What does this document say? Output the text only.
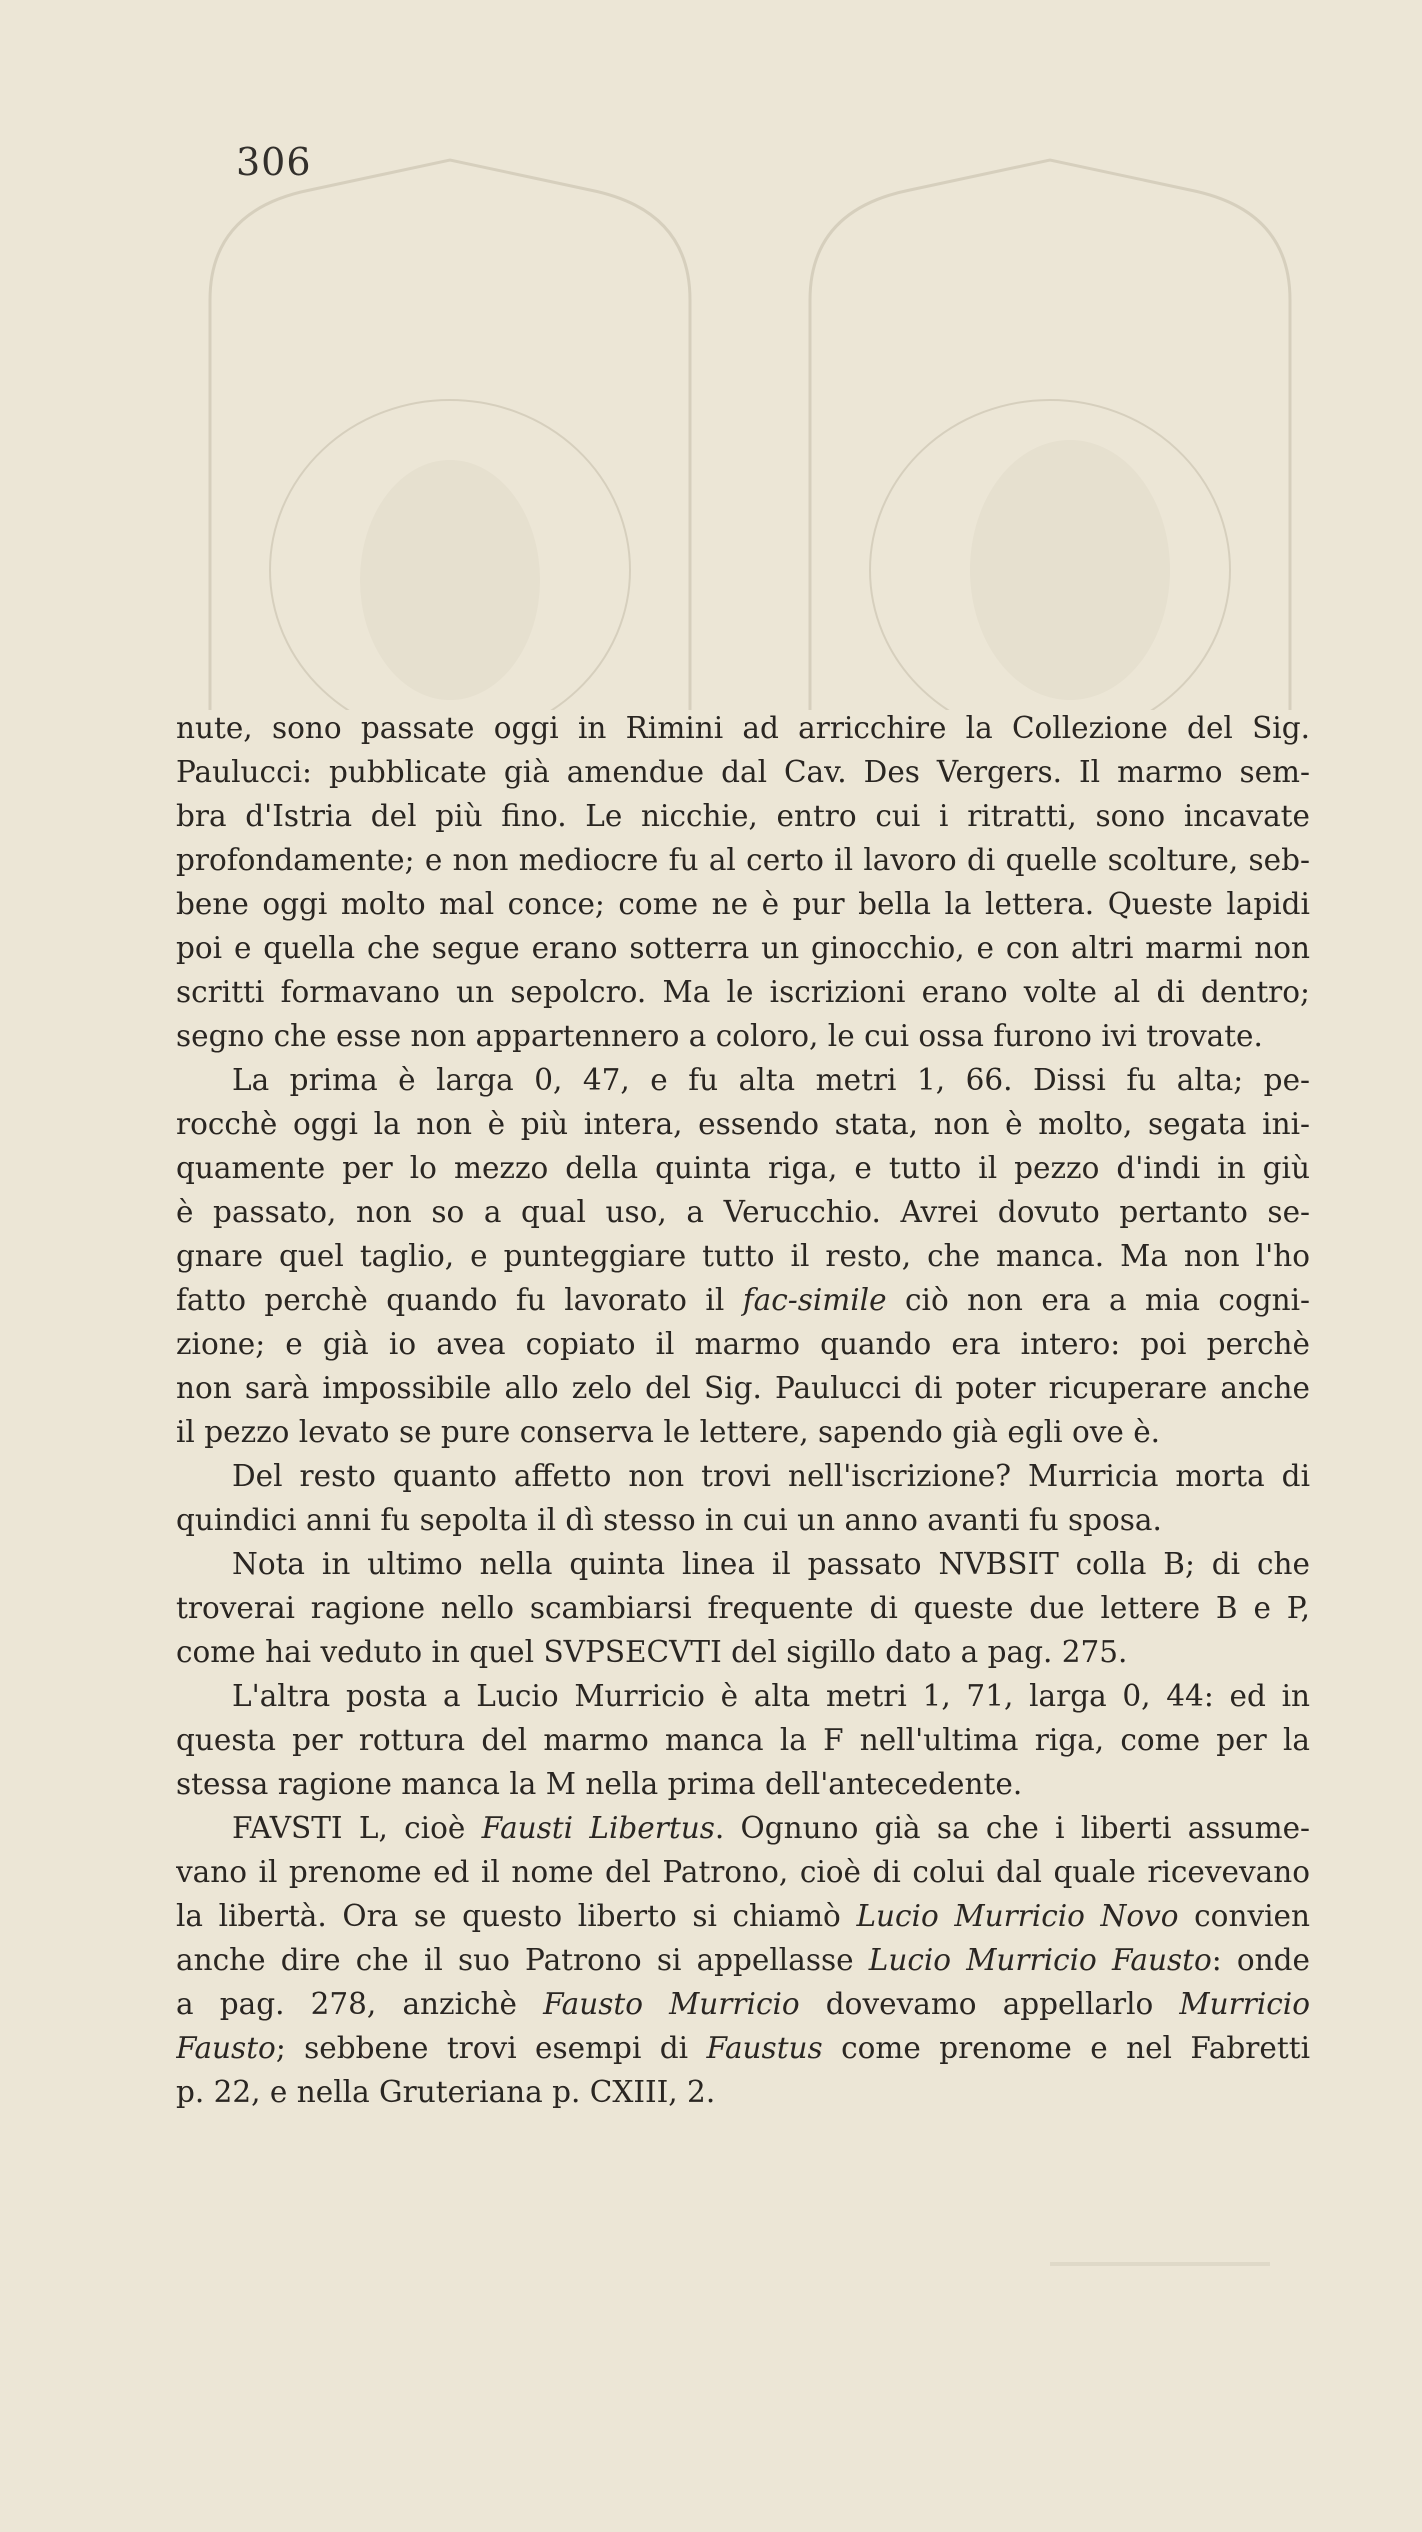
306

nute, sono passate oggi in Rimini ad arricchire la Collezione del Sig.
Paulucci: pubblicate già amendue dal Cav. Des Vergers. Il marmo sem-
bra d'Istria del più fino. Le nicchie, entro cui i ritratti, sono incavate
profondamente; e non mediocre fu al certo il lavoro di quelle scolture, seb-
bene oggi molto mal conce; come ne è pur bella la lettera. Queste lapidi
poi e quella che segue erano sotterra un ginocchio, e con altri marmi non
scritti formavano un sepolcro. Ma le iscrizioni erano volte al di dentro;
segno che esse non appartennero a coloro, le cui ossa furono ivi trovate.

La prima è larga 0, 47, e fu alta metri 1, 66. Dissi fu alta; pe-
rocchè oggi la non è più intera, essendo stata, non è molto, segata ini-
quamente per lo mezzo della quinta riga, e tutto il pezzo d'indi in giù
è passato, non so a qual uso, a Verucchio. Avrei dovuto pertanto se-
gnare quel taglio, e punteggiare tutto il resto, che manca. Ma non l'ho
fatto perchè quando fu lavorato il fac-simile ciò non era a mia cogni-
zione; e già io avea copiato il marmo quando era intero: poi perchè
non sarà impossibile allo zelo del Sig. Paulucci di poter ricuperare anche
il pezzo levato se pure conserva le lettere, sapendo già egli ove è.

Del resto quanto affetto non trovi nell'iscrizione? Murricia morta di
quindici anni fu sepolta il dì stesso in cui un anno avanti fu sposa.

Nota in ultimo nella quinta linea il passato NVBSIT colla B; di che
troverai ragione nello scambiarsi frequente di queste due lettere B e P,
come hai veduto in quel SVPSECVTI del sigillo dato a pag. 275.

L'altra posta a Lucio Murricio è alta metri 1, 71, larga 0, 44: ed in
questa per rottura del marmo manca la F nell'ultima riga, come per la
stessa ragione manca la M nella prima dell'antecedente.

FAVSTI L, cioè Fausti Libertus. Ognuno già sa che i liberti assume-
vano il prenome ed il nome del Patrono, cioè di colui dal quale ricevevano
la libertà. Ora se questo liberto si chiamò Lucio Murricio Novo convien
anche dire che il suo Patrono si appellasse Lucio Murricio Fausto: onde
a pag. 278, anzichè Fausto Murricio dovevamo appellarlo Murricio
Fausto; sebbene trovi esempi di Faustus come prenome e nel Fabretti
p. 22, e nella Gruteriana p. CXIII, 2.
